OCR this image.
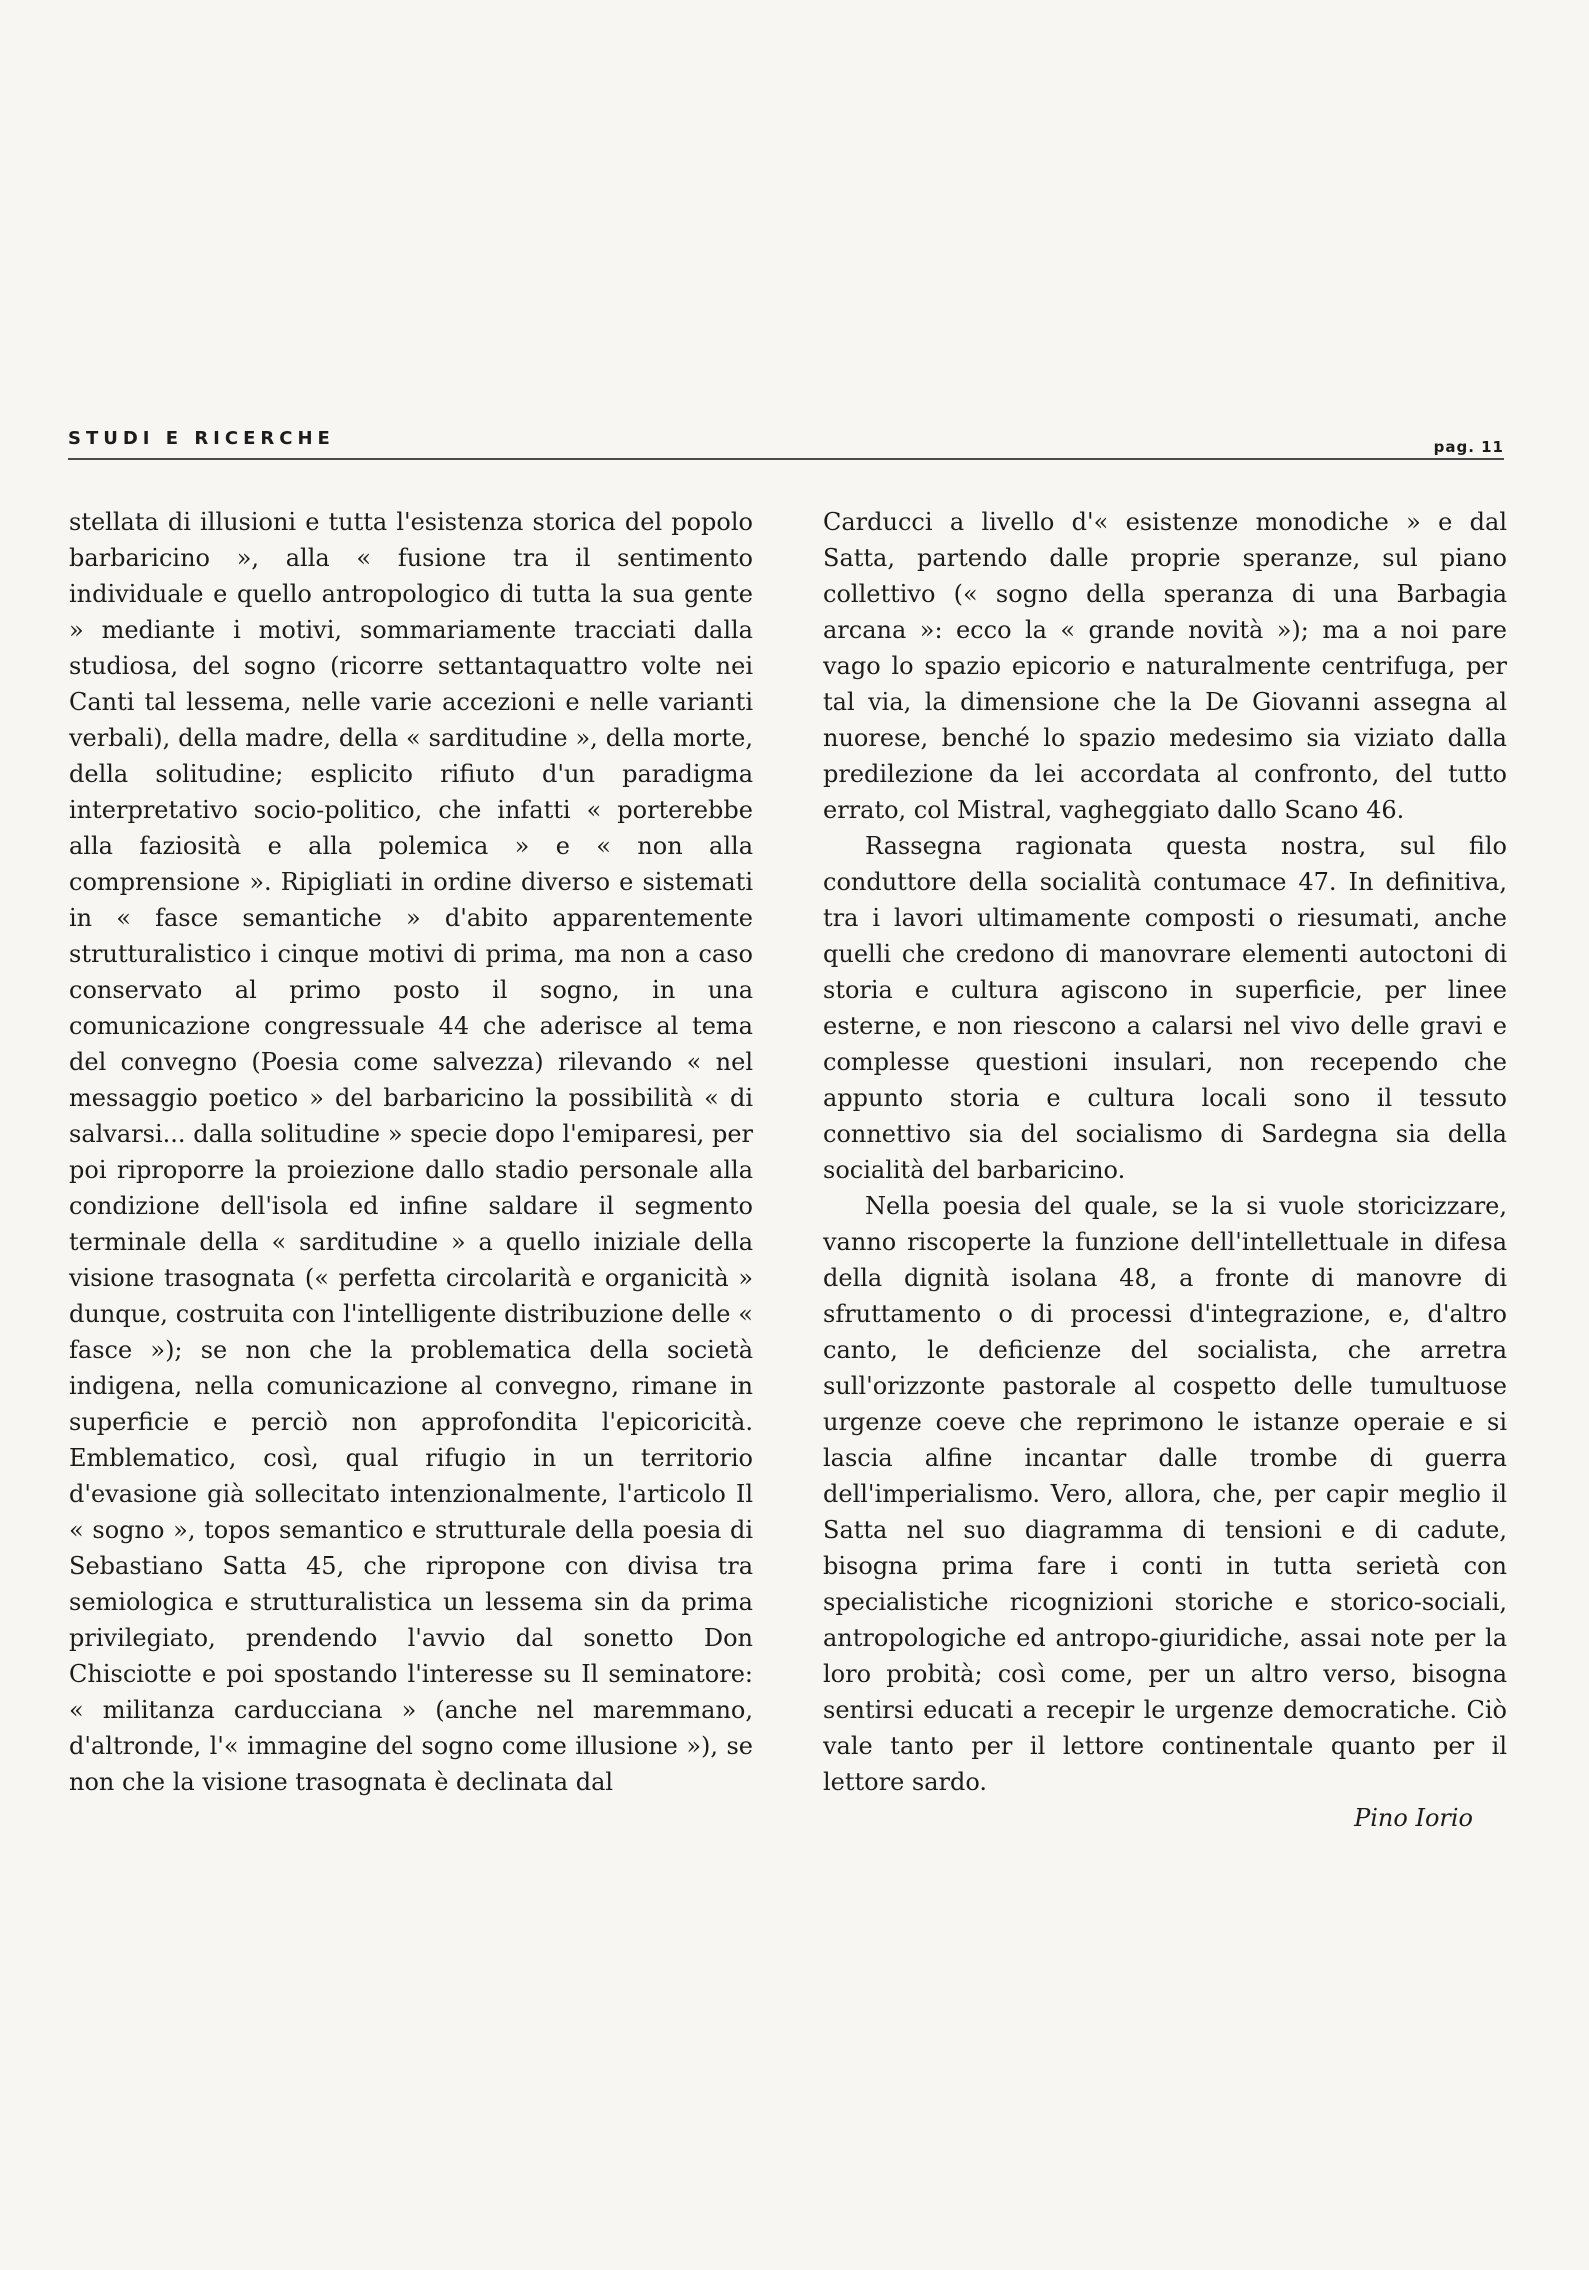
STUDI E RICERCHE	pag. 11

stellata di illusioni e tutta l'esistenza storica del popolo barbaricino », alla « fusione tra il sentimento individuale e quello antropologico di tutta la sua gente » mediante i motivi, sommariamente tracciati dalla studiosa, del sogno (ricorre settantaquattro volte nei Canti tal lessema, nelle varie accezioni e nelle varianti verbali), della madre, della « sarditudine », della morte, della solitudine; esplicito rifiuto d'un paradigma interpretativo socio-politico, che infatti « porterebbe alla faziosità e alla polemica » e « non alla comprensione ». Ripigliati in ordine diverso e sistemati in « fasce semantiche » d'abito apparentemente strutturalistico i cinque motivi di prima, ma non a caso conservato al primo posto il sogno, in una comunicazione congressuale 44 che aderisce al tema del convegno (Poesia come salvezza) rilevando « nel messaggio poetico » del barbaricino la possibilità « di salvarsi... dalla solitudine » specie dopo l'emiparesi, per poi riproporre la proiezione dallo stadio personale alla condizione dell'isola ed infine saldare il segmento terminale della « sarditudine » a quello iniziale della visione trasognata (« perfetta circolarità e organicità » dunque, costruita con l'intelligente distribuzione delle « fasce »); se non che la problematica della società indigena, nella comunicazione al convegno, rimane in superficie e perciò non approfondita l'epicoricità. Emblematico, così, qual rifugio in un territorio d'evasione già sollecitato intenzionalmente, l'articolo Il « sogno », topos semantico e strutturale della poesia di Sebastiano Satta 45, che ripropone con divisa tra semiologica e strutturalistica un lessema sin da prima privilegiato, prendendo l'avvio dal sonetto Don Chisciotte e poi spostando l'interesse su Il seminatore: « militanza carducciana » (anche nel maremmano, d'altronde, l'« immagine del sogno come illusione »), se non che la visione trasognata è declinata dal

Carducci a livello d'« esistenze monodiche » e dal Satta, partendo dalle proprie speranze, sul piano collettivo (« sogno della speranza di una Barbagia arcana »: ecco la « grande novità »); ma a noi pare vago lo spazio epicorio e naturalmente centrifuga, per tal via, la dimensione che la De Giovanni assegna al nuorese, benché lo spazio medesimo sia viziato dalla predilezione da lei accordata al confronto, del tutto errato, col Mistral, vagheggiato dallo Scano 46.

Rassegna ragionata questa nostra, sul filo conduttore della socialità contumace 47. In definitiva, tra i lavori ultimamente composti o riesumati, anche quelli che credono di manovrare elementi autoctoni di storia e cultura agiscono in superficie, per linee esterne, e non riescono a calarsi nel vivo delle gravi e complesse questioni insulari, non recependo che appunto storia e cultura locali sono il tessuto connettivo sia del socialismo di Sardegna sia della socialità del barbaricino.

Nella poesia del quale, se la si vuole storicizzare, vanno riscoperte la funzione dell'intellettuale in difesa della dignità isolana 48, a fronte di manovre di sfruttamento o di processi d'integrazione, e, d'altro canto, le deficienze del socialista, che arretra sull'orizzonte pastorale al cospetto delle tumultuose urgenze coeve che reprimono le istanze operaie e si lascia alfine incantar dalle trombe di guerra dell'imperialismo. Vero, allora, che, per capir meglio il Satta nel suo diagramma di tensioni e di cadute, bisogna prima fare i conti in tutta serietà con specialistiche ricognizioni storiche e storico-sociali, antropologiche ed antropo-giuridiche, assai note per la loro probità; così come, per un altro verso, bisogna sentirsi educati a recepir le urgenze democratiche. Ciò vale tanto per il lettore continentale quanto per il lettore sardo.

Pino Iorio
